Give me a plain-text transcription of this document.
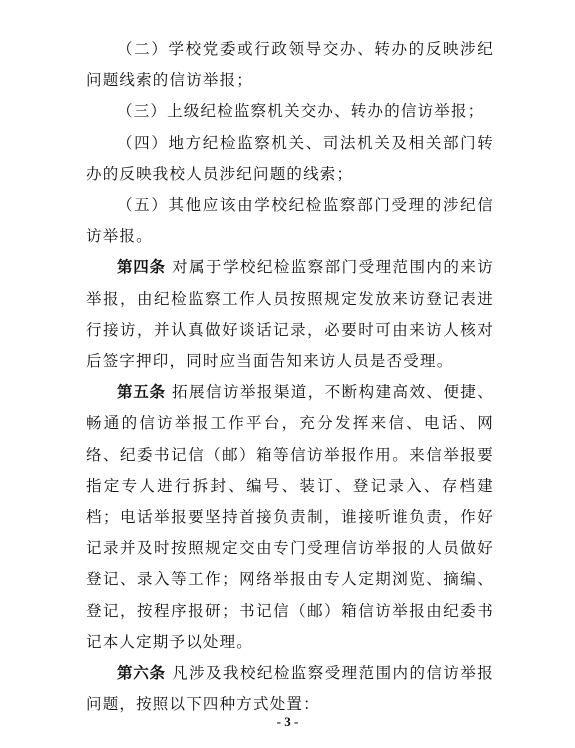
（二）学校党委或行政领导交办、转办的反映涉纪问题线索的信访举报；

（三）上级纪检监察机关交办、转办的信访举报；

（四）地方纪检监察机关、司法机关及相关部门转办的反映我校人员涉纪问题的线索；

（五）其他应该由学校纪检监察部门受理的涉纪信访举报。

第四条 对属于学校纪检监察部门受理范围内的来访举报，由纪检监察工作人员按照规定发放来访登记表进行接访，并认真做好谈话记录，必要时可由来访人核对后签字押印，同时应当面告知来访人员是否受理。

第五条 拓展信访举报渠道，不断构建高效、便捷、畅通的信访举报工作平台，充分发挥来信、电话、网络、纪委书记信（邮）箱等信访举报作用。来信举报要指定专人进行拆封、编号、装订、登记录入、存档建档；电话举报要坚持首接负责制，谁接听谁负责，作好记录并及时按照规定交由专门受理信访举报的人员做好登记、录入等工作；网络举报由专人定期浏览、摘编、登记，按程序报研；书记信（邮）箱信访举报由纪委书记本人定期予以处理。

第六条 凡涉及我校纪检监察受理范围内的信访举报问题，按照以下四种方式处置：

- 3 -
